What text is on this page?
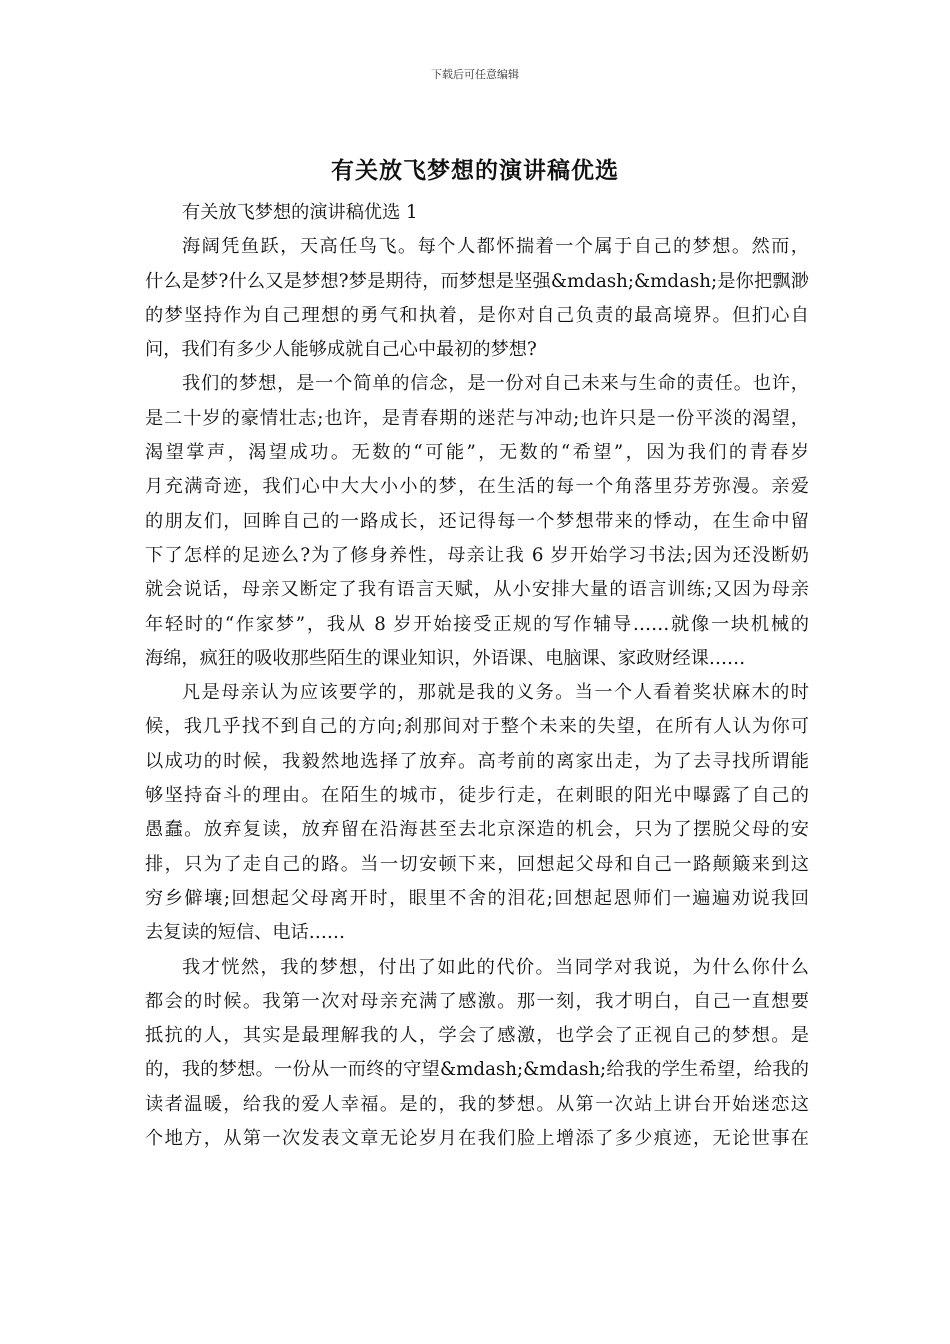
下载后可任意编辑
有关放飞梦想的演讲稿优选
有关放飞梦想的演讲稿优选 1
海阔凭鱼跃，天高任鸟飞。每个人都怀揣着一个属于自己的梦想。然而，
什么是梦?什么又是梦想?梦是期待，而梦想是坚强&mdash;&mdash;是你把飘渺
的梦坚持作为自己理想的勇气和执着，是你对自己负责的最高境界。但扪心自
问，我们有多少人能够成就自己心中最初的梦想?
我们的梦想，是一个简单的信念，是一份对自己未来与生命的责任。也许，
是二十岁的豪情壮志;也许，是青春期的迷茫与冲动;也许只是一份平淡的渴望，
渴望掌声，渴望成功。无数的“可能”，无数的“希望”，因为我们的青春岁
月充满奇迹，我们心中大大小小的梦，在生活的每一个角落里芬芳弥漫。亲爱
的朋友们，回眸自己的一路成长，还记得每一个梦想带来的悸动，在生命中留
下了怎样的足迹么?为了修身养性，母亲让我 6 岁开始学习书法;因为还没断奶
就会说话，母亲又断定了我有语言天赋，从小安排大量的语言训练;又因为母亲
年轻时的“作家梦”，我从 8 岁开始接受正规的写作辅导……就像一块机械的
海绵，疯狂的吸收那些陌生的课业知识，外语课、电脑课、家政财经课……
凡是母亲认为应该要学的，那就是我的义务。当一个人看着奖状麻木的时
候，我几乎找不到自己的方向;刹那间对于整个未来的失望，在所有人认为你可
以成功的时候，我毅然地选择了放弃。高考前的离家出走，为了去寻找所谓能
够坚持奋斗的理由。在陌生的城市，徒步行走，在刺眼的阳光中曝露了自己的
愚蠢。放弃复读，放弃留在沿海甚至去北京深造的机会，只为了摆脱父母的安
排，只为了走自己的路。当一切安顿下来，回想起父母和自己一路颠簸来到这
穷乡僻壤;回想起父母离开时，眼里不舍的泪花;回想起恩师们一遍遍劝说我回
去复读的短信、电话……
我才恍然，我的梦想，付出了如此的代价。当同学对我说，为什么你什么
都会的时候。我第一次对母亲充满了感激。那一刻，我才明白，自己一直想要
抵抗的人，其实是最理解我的人，学会了感激，也学会了正视自己的梦想。是
的，我的梦想。一份从一而终的守望&mdash;&mdash;给我的学生希望，给我的
读者温暖，给我的爱人幸福。是的，我的梦想。从第一次站上讲台开始迷恋这
个地方，从第一次发表文章无论岁月在我们脸上增添了多少痕迹，无论世事在
